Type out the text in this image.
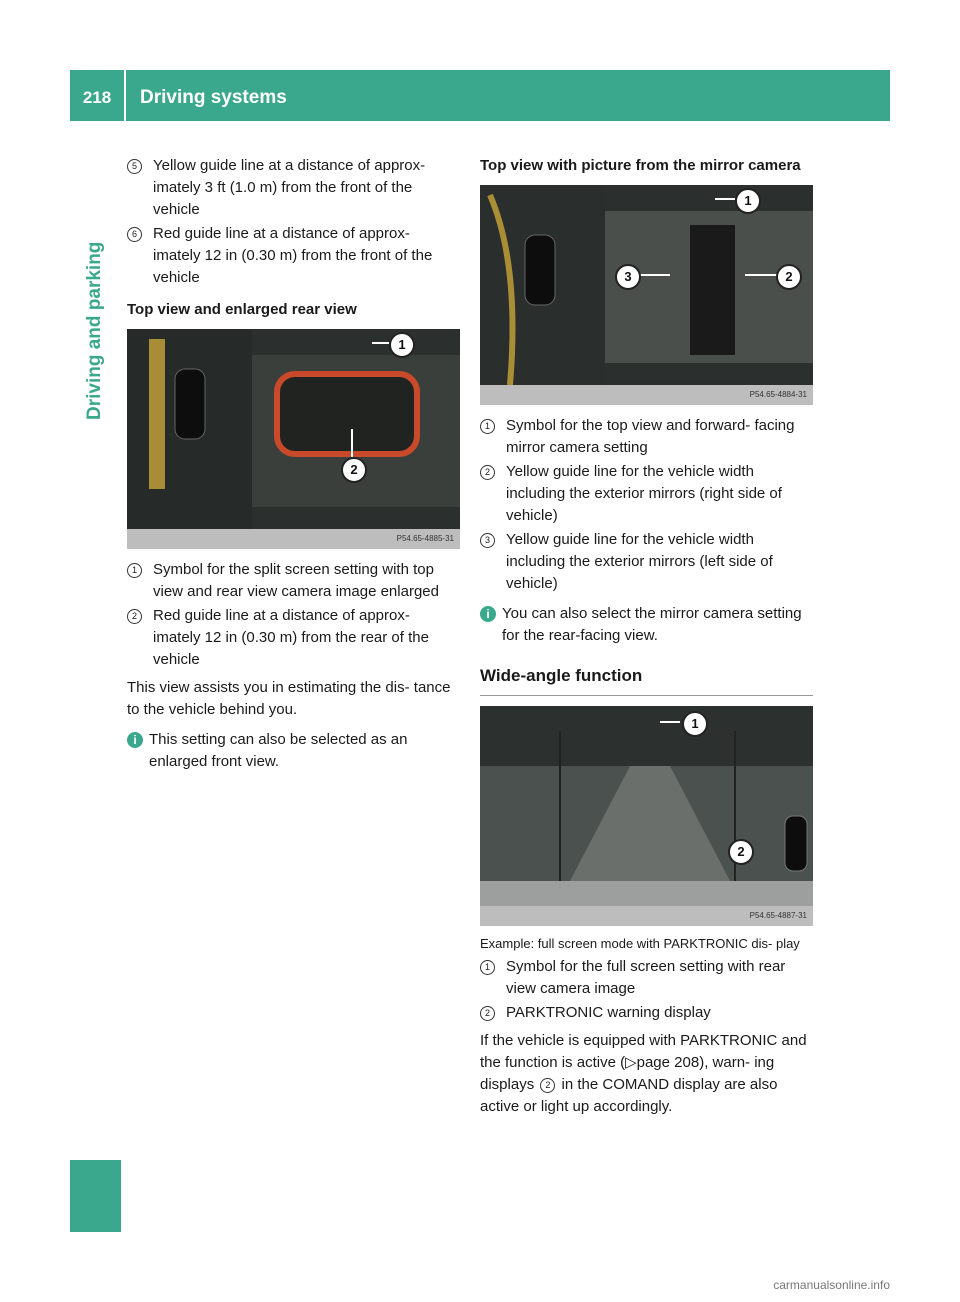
218	Driving systems
Driving and parking
5	Yellow guide line at a distance of approx- imately 3 ft (1.0 m) from the front of the vehicle
6	Red guide line at a distance of approx- imately 12 in (0.30 m) from the front of the vehicle
Top view and enlarged rear view
1
2
P54.65-4885-31
1	Symbol for the split screen setting with top view and rear view camera image enlarged
2	Red guide line at a distance of approx- imately 12 in (0.30 m) from the rear of the vehicle
This view assists you in estimating the dis- tance to the vehicle behind you.
i This setting can also be selected as an enlarged front view.
Top view with picture from the mirror camera
1
2
3
P54.65-4884-31
1	Symbol for the top view and forward- facing mirror camera setting
2	Yellow guide line for the vehicle width including the exterior mirrors (right side of vehicle)
3	Yellow guide line for the vehicle width including the exterior mirrors (left side of vehicle)
i You can also select the mirror camera setting for the rear-facing view.
Wide-angle function
1
2
P54.65-4887-31
Example: full screen mode with PARKTRONIC dis- play
1	Symbol for the full screen setting with rear view camera image
2	PARKTRONIC warning display
If the vehicle is equipped with PARKTRONIC and the function is active (▷page 208), warn- ing displays 2 in the COMAND display are also active or light up accordingly.
carmanualsonline.info
